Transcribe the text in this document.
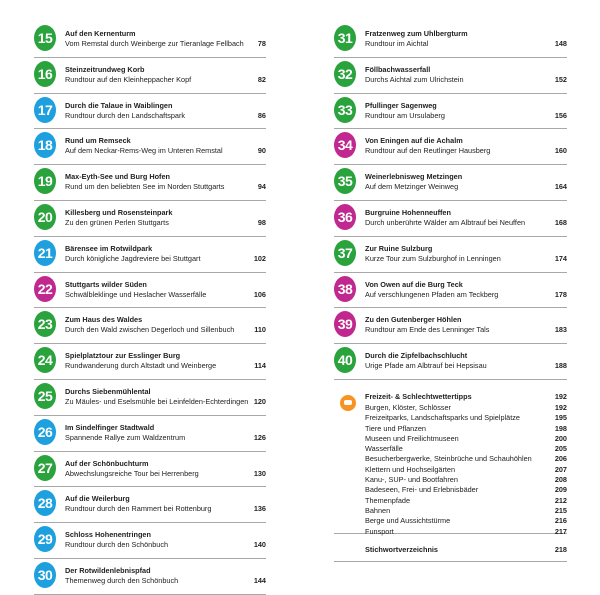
15	Auf den Kernenturm
Vom Remstal durch Weinberge zur Tieranlage Fellbach 78
16	Steinzeitrundweg Korb
Rundtour auf den Kleinheppacher Kopf	82
17	Durch die Talaue in Waiblingen
Rundtour durch den Landschaftspark	86
18	Rund um Remseck
Auf dem Neckar-Rems-Weg im Unteren Remstal	90
19	Max-Eyth-See und Burg Hofen
Rund um den beliebten See im Norden Stuttgarts	94
20	Killesberg und Rosensteinpark
Zu den grünen Perlen Stuttgarts	98
21	Bärensee im Rotwildpark
Durch königliche Jagdreviere bei Stuttgart	102
22	Stuttgarts wilder Süden
Schwälbleklinge und Heslacher Wasserfälle	106
23	Zum Haus des Waldes
Durch den Wald zwischen Degerloch und Sillenbuch	110
24	Spielplatztour zur Esslinger Burg
Rundwanderung durch Altstadt und Weinberge	114
25	Durchs Siebenmühlental
Zu Mäules- und Eselsmühle bei Leinfelden-Echterdingen 120
26	Im Sindelfinger Stadtwald
Spannende Rallye zum Waldzentrum	126
27	Auf der Schönbuchturm
Abwechslungsreiche Tour bei Herrenberg	130
28	Auf die Weilerburg
Rundtour durch den Rammert bei Rottenburg	136
29	Schloss Hohenentringen
Rundtour durch den Schönbuch	140
30	Der Rotwildenlebnispfad
Themenweg durch den Schönbuch	144
31	Fratzenweg zum Uhlbergturm
Rundtour im Aichtal	148
32	Föllbachwasserfall
Durchs Aichtal zum Ulrichstein	152
33	Pfullinger Sagenweg
Rundtour am Ursulaberg	156
34	Von Eningen auf die Achalm
Rundtour auf den Reutlinger Hausberg	160
35	Weinerlebnisweg Metzingen
Auf dem Metzinger Weinweg	164
36	Burgruine Hohenneuffen
Durch unberührte Wälder am Albtrauf bei Neuffen	168
37	Zur Ruine Sulzburg
Kurze Tour zum Sulzburghof in Lenningen	174
38	Von Owen auf die Burg Teck
Auf verschlungenen Pfaden am Teckberg	178
39	Zu den Gutenberger Höhlen
Rundtour am Ende des Lenninger Tals	183
40	Durch die Zipfelbachschlucht
Urige Pfade am Albtrauf bei Hepsisau	188
Freizeit- & Schlechtwettertipps	192
Burgen, Klöster, Schlösser	192
Freizeitparks, Landschaftsparks und Spielplätze	195
Tiere und Pflanzen	198
Museen und Freilichtmuseen	200
Wasserfälle	205
Besucherbergwerke, Steinbrüche und Schauhöhlen	206
Klettern und Hochseilgärten	207
Kanu-, SUP- und Bootfahren	208
Badeseen, Frei- und Erlebnisbäder	209
Themenpfade	212
Bahnen	215
Berge und Aussichtstürme	216
Funsport	217
Stichwortverzeichnis	218
